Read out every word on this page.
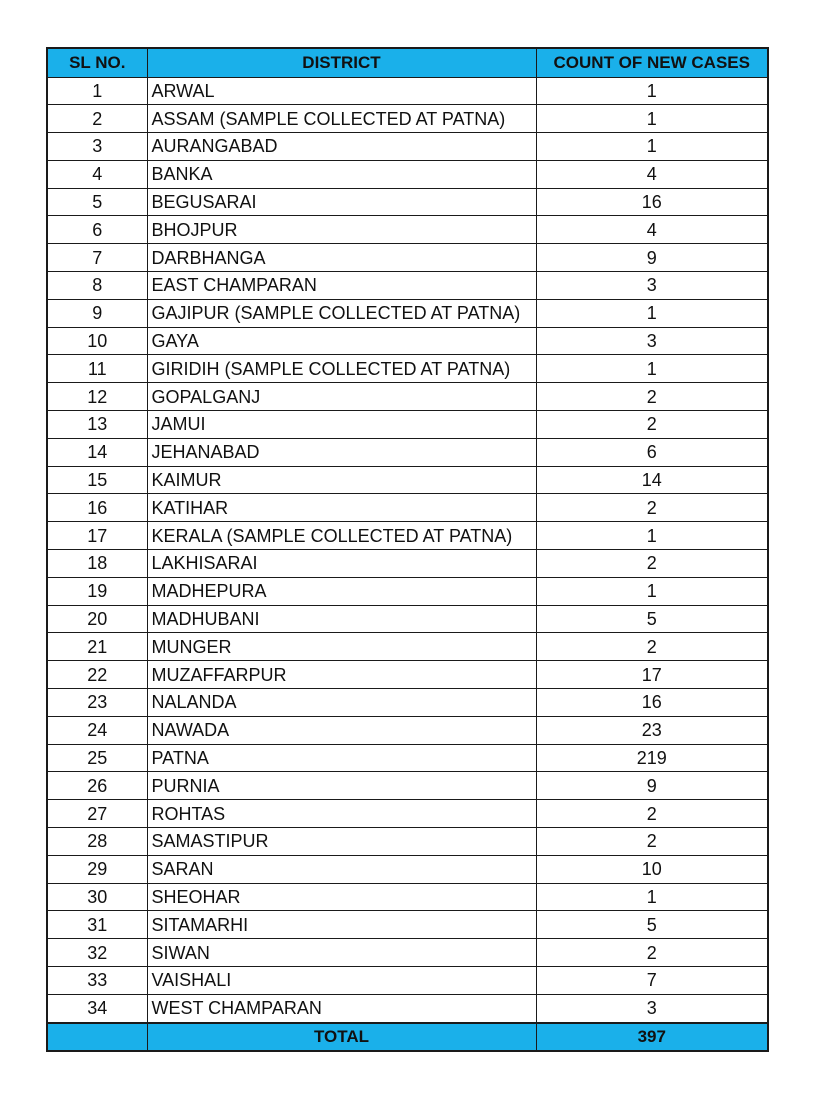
SL NO.	DISTRICT	COUNT OF NEW CASES
1	ARWAL	1
2	ASSAM (SAMPLE COLLECTED AT PATNA)	1
3	AURANGABAD	1
4	BANKA	4
5	BEGUSARAI	16
6	BHOJPUR	4
7	DARBHANGA	9
8	EAST CHAMPARAN	3
9	GAJIPUR (SAMPLE COLLECTED AT PATNA)	1
10	GAYA	3
11	GIRIDIH (SAMPLE COLLECTED AT PATNA)	1
12	GOPALGANJ	2
13	JAMUI	2
14	JEHANABAD	6
15	KAIMUR	14
16	KATIHAR	2
17	KERALA (SAMPLE COLLECTED AT PATNA)	1
18	LAKHISARAI	2
19	MADHEPURA	1
20	MADHUBANI	5
21	MUNGER	2
22	MUZAFFARPUR	17
23	NALANDA	16
24	NAWADA	23
25	PATNA	219
26	PURNIA	9
27	ROHTAS	2
28	SAMASTIPUR	2
29	SARAN	10
30	SHEOHAR	1
31	SITAMARHI	5
32	SIWAN	2
33	VAISHALI	7
34	WEST CHAMPARAN	3
	TOTAL	397
